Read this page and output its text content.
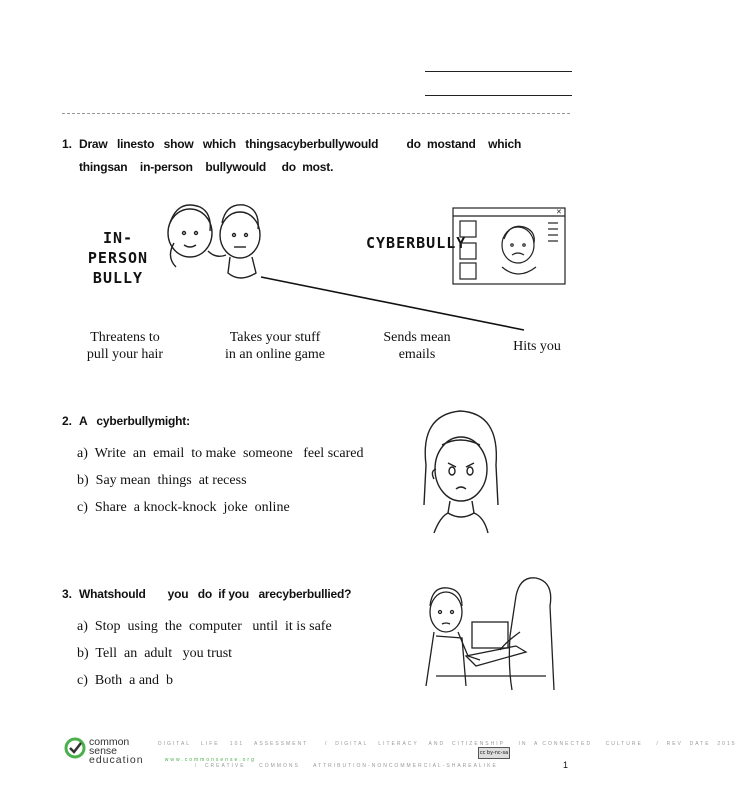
1. Draw   linesto   show   which   thingsacyberbullywould         do  mostand    which
thingsan    in-person    bullywould     do  most.
IN-PERSON
BULLY
CYBERBULLY
✕
Threatens to
pull your hair
Takes your stuff
in an online game
Sends mean
emails
Hits you
2. A   cyberbullymight:
a)  Write  an  email  to make  someone   feel scared
b)  Say mean  things  at recess
c)  Share  a knock-knock  joke  online
3. Whatshould       you   do  if you   arecyberbullied?
a)  Stop  using  the  computer   until  it is safe
b)  Tell  an  adult   you trust
c)  Both  a and  b
common
sense
education
DIGITAL   LIFE   101   ASSESSMENT     /  DIGITAL   LITERACY   AND  CITIZENSHIP    IN  A CONNECTED    CULTURE    /  REV  DATE  2015

www.commonsense.org
/  CREATIVE    COMMONS    ATTRIBUTION-NONCOMMERCIAL-SHAREALIKE

cc by-nc-sa
1
